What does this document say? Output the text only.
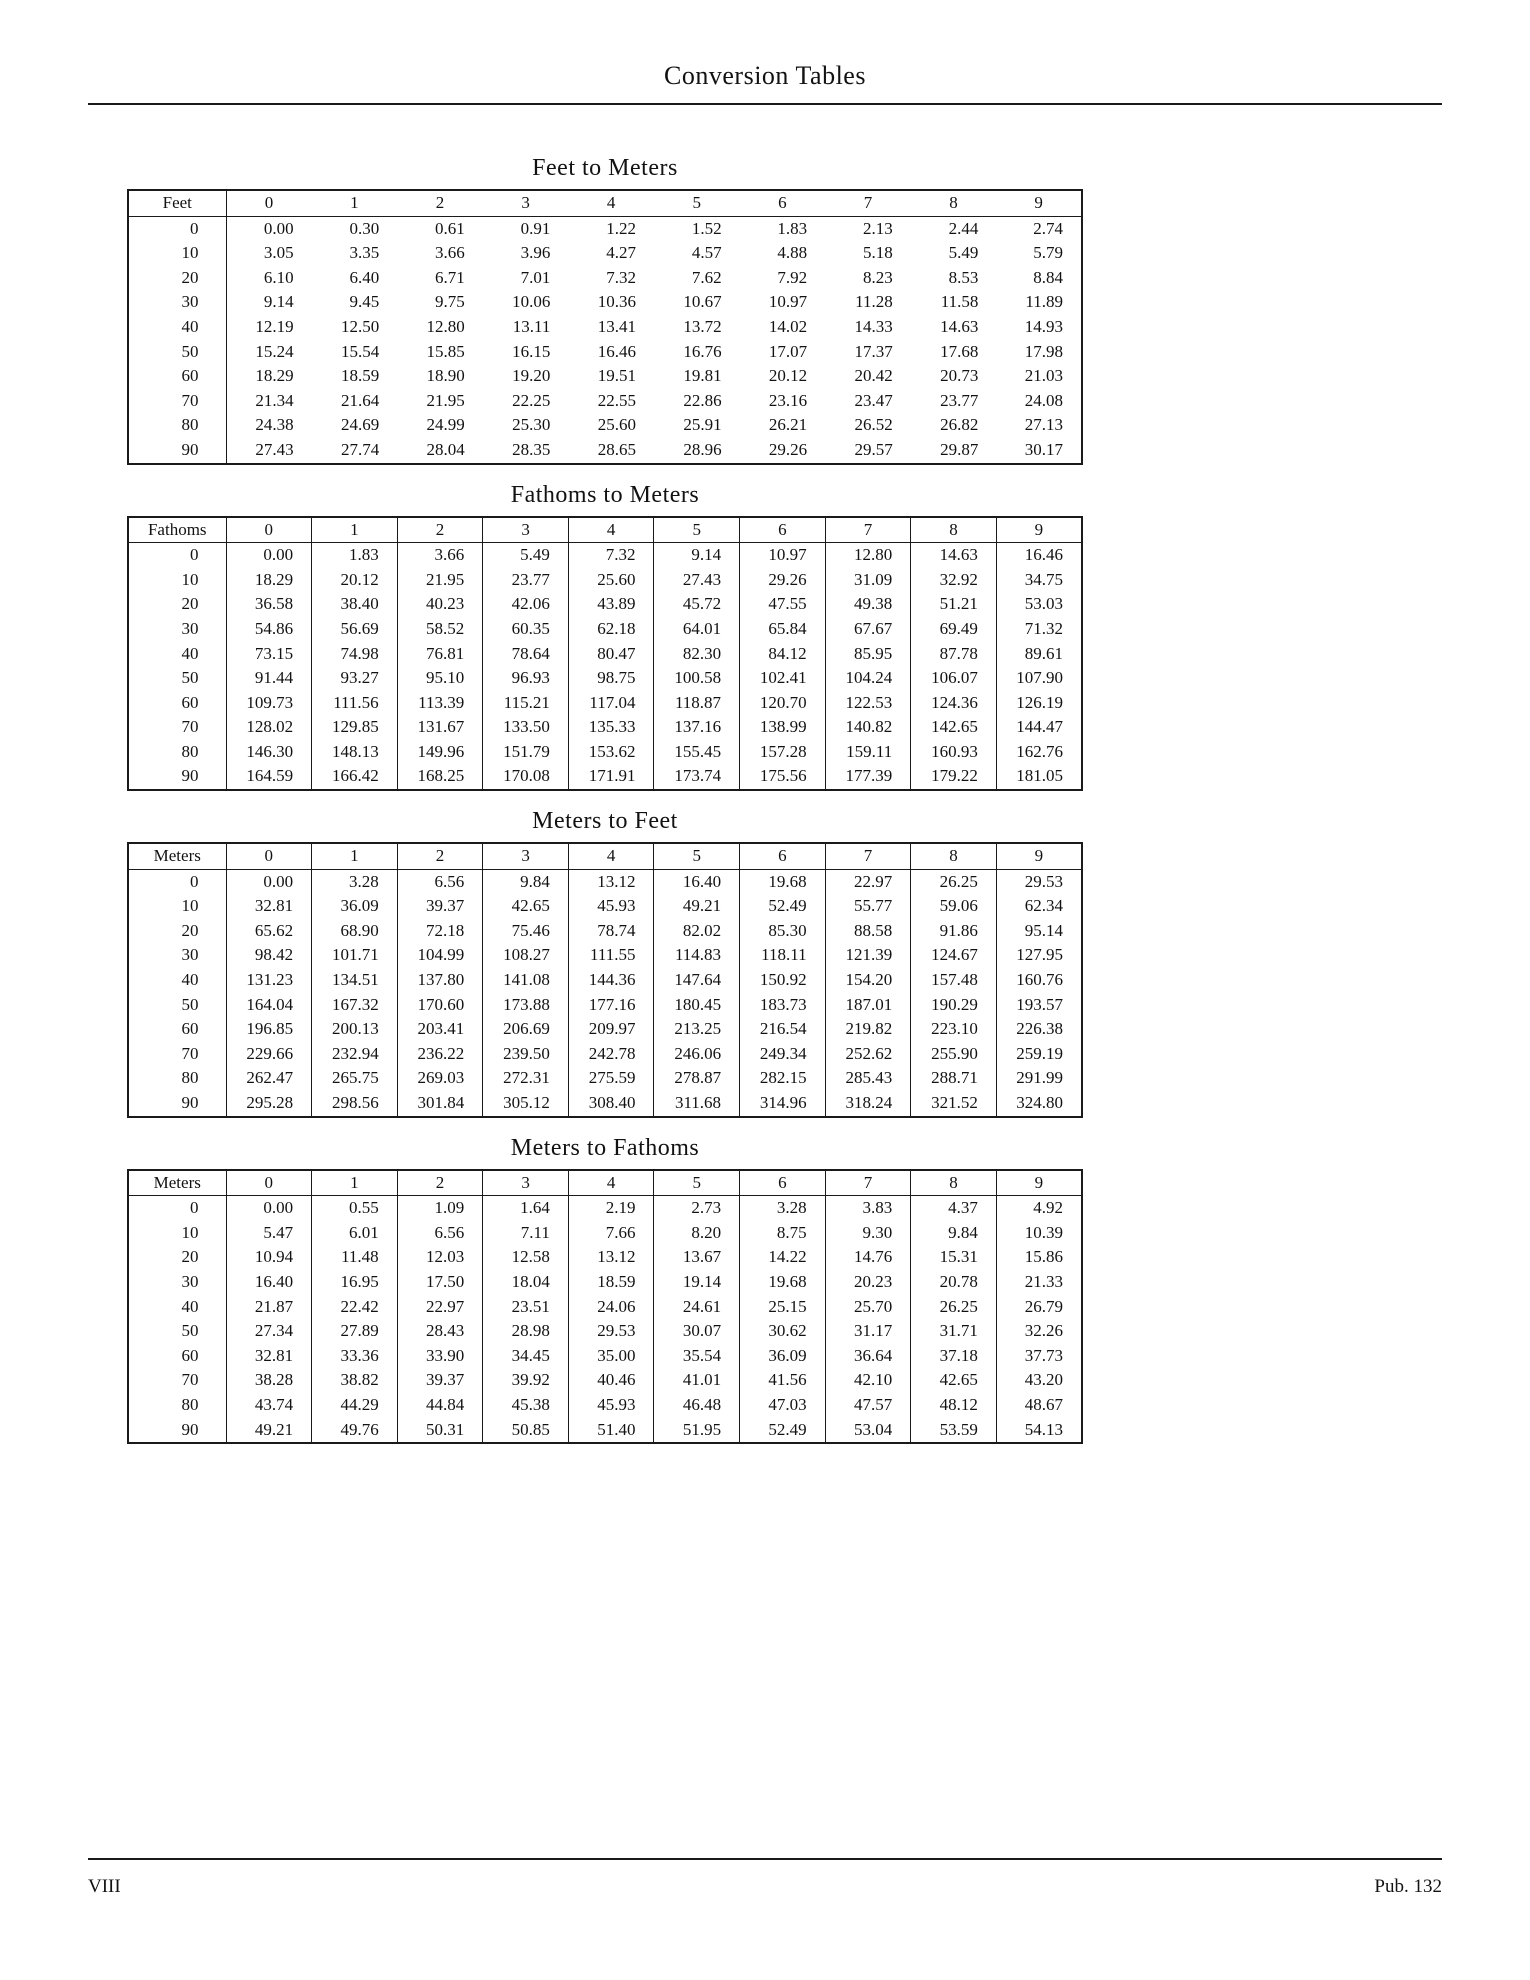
Conversion Tables
Feet to Meters
Feet	0	1	2	3	4	5	6	7	8	9
0	0.00	0.30	0.61	0.91	1.22	1.52	1.83	2.13	2.44	2.74
10	3.05	3.35	3.66	3.96	4.27	4.57	4.88	5.18	5.49	5.79
20	6.10	6.40	6.71	7.01	7.32	7.62	7.92	8.23	8.53	8.84
30	9.14	9.45	9.75	10.06	10.36	10.67	10.97	11.28	11.58	11.89
40	12.19	12.50	12.80	13.11	13.41	13.72	14.02	14.33	14.63	14.93
50	15.24	15.54	15.85	16.15	16.46	16.76	17.07	17.37	17.68	17.98
60	18.29	18.59	18.90	19.20	19.51	19.81	20.12	20.42	20.73	21.03
70	21.34	21.64	21.95	22.25	22.55	22.86	23.16	23.47	23.77	24.08
80	24.38	24.69	24.99	25.30	25.60	25.91	26.21	26.52	26.82	27.13
90	27.43	27.74	28.04	28.35	28.65	28.96	29.26	29.57	29.87	30.17
Fathoms to Meters
Fathoms	0	1	2	3	4	5	6	7	8	9
0	0.00	1.83	3.66	5.49	7.32	9.14	10.97	12.80	14.63	16.46
10	18.29	20.12	21.95	23.77	25.60	27.43	29.26	31.09	32.92	34.75
20	36.58	38.40	40.23	42.06	43.89	45.72	47.55	49.38	51.21	53.03
30	54.86	56.69	58.52	60.35	62.18	64.01	65.84	67.67	69.49	71.32
40	73.15	74.98	76.81	78.64	80.47	82.30	84.12	85.95	87.78	89.61
50	91.44	93.27	95.10	96.93	98.75	100.58	102.41	104.24	106.07	107.90
60	109.73	111.56	113.39	115.21	117.04	118.87	120.70	122.53	124.36	126.19
70	128.02	129.85	131.67	133.50	135.33	137.16	138.99	140.82	142.65	144.47
80	146.30	148.13	149.96	151.79	153.62	155.45	157.28	159.11	160.93	162.76
90	164.59	166.42	168.25	170.08	171.91	173.74	175.56	177.39	179.22	181.05
Meters to Feet
Meters	0	1	2	3	4	5	6	7	8	9
0	0.00	3.28	6.56	9.84	13.12	16.40	19.68	22.97	26.25	29.53
10	32.81	36.09	39.37	42.65	45.93	49.21	52.49	55.77	59.06	62.34
20	65.62	68.90	72.18	75.46	78.74	82.02	85.30	88.58	91.86	95.14
30	98.42	101.71	104.99	108.27	111.55	114.83	118.11	121.39	124.67	127.95
40	131.23	134.51	137.80	141.08	144.36	147.64	150.92	154.20	157.48	160.76
50	164.04	167.32	170.60	173.88	177.16	180.45	183.73	187.01	190.29	193.57
60	196.85	200.13	203.41	206.69	209.97	213.25	216.54	219.82	223.10	226.38
70	229.66	232.94	236.22	239.50	242.78	246.06	249.34	252.62	255.90	259.19
80	262.47	265.75	269.03	272.31	275.59	278.87	282.15	285.43	288.71	291.99
90	295.28	298.56	301.84	305.12	308.40	311.68	314.96	318.24	321.52	324.80
Meters to Fathoms
Meters	0	1	2	3	4	5	6	7	8	9
0	0.00	0.55	1.09	1.64	2.19	2.73	3.28	3.83	4.37	4.92
10	5.47	6.01	6.56	7.11	7.66	8.20	8.75	9.30	9.84	10.39
20	10.94	11.48	12.03	12.58	13.12	13.67	14.22	14.76	15.31	15.86
30	16.40	16.95	17.50	18.04	18.59	19.14	19.68	20.23	20.78	21.33
40	21.87	22.42	22.97	23.51	24.06	24.61	25.15	25.70	26.25	26.79
50	27.34	27.89	28.43	28.98	29.53	30.07	30.62	31.17	31.71	32.26
60	32.81	33.36	33.90	34.45	35.00	35.54	36.09	36.64	37.18	37.73
70	38.28	38.82	39.37	39.92	40.46	41.01	41.56	42.10	42.65	43.20
80	43.74	44.29	44.84	45.38	45.93	46.48	47.03	47.57	48.12	48.67
90	49.21	49.76	50.31	50.85	51.40	51.95	52.49	53.04	53.59	54.13
VIII	Pub. 132
